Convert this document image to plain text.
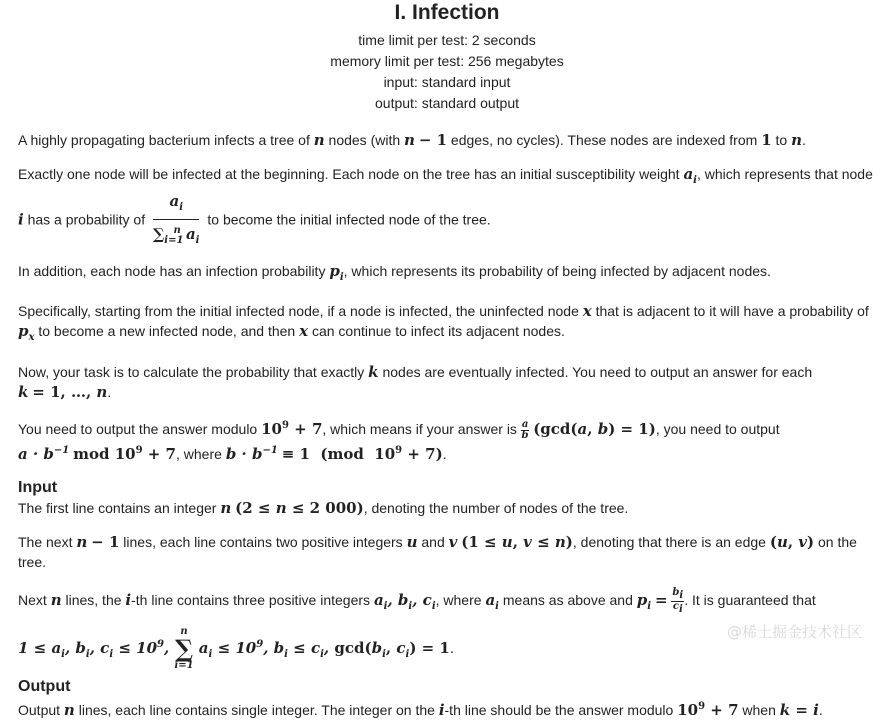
I. Infection
time limit per test: 2 seconds
memory limit per test: 256 megabytes
input: standard input
output: standard output

A highly propagating bacterium infects a tree of n nodes (with n − 1 edges, no cycles). These nodes are indexed from 1 to n.

Exactly one node will be infected at the beginning. Each node on the tree has an initial susceptibility weight $a_i$, which represents that node
i has a probability of $\frac{a_i}{\sum_{i=1}^n a_i}$ to become the initial infected node of the tree.

In addition, each node has an infection probability $p_i$, which represents its probability of being infected by adjacent nodes.

Specifically, starting from the initial infected node, if a node is infected, the uninfected node x that is adjacent to it will have a probability of
$p_x$ to become a new infected node, and then x can continue to infect its adjacent nodes.

Now, your task is to calculate the probability that exactly k nodes are eventually infected. You need to output an answer for each
k = 1, …, n.

You need to output the answer modulo $10^9 + 7$, which means if your answer is $\frac{a}{b} (\gcd(a$, b) = 1), you need to output
$a \cdot b^{-1}$ mod $10^9 + 7$, where $b \cdot b^{-1} \equiv 1$  (mod  $10^9 + 7$).

Input

The first line contains an integer n (2 ≤ n ≤ 2 000), denoting the number of nodes of the tree.

The next n − 1 lines, each line contains two positive integers u and v (1 ≤ u, v ≤ n), denoting that there is an edge (u, v) on the tree.

Next n lines, the i-th line contains three positive integers $a_i$, $b_i$, $c_i$, where $a_i$ means as above and $p_i = \frac{b_i}{c_i}$ . It is guaranteed that

$1 \le a_i$, $b_i$, $c_i \le 10^9$,
n
∑
i=1
$a_i \le 10^9$, $b_i \le c_i$, $\gcd(b_i$, $c_i) = 1$.
Output

Output n lines, each line contains single integer. The integer on the i-th line should be the answer modulo $10^9 + 7$ when k = i.

@稀土掘金技术社区
